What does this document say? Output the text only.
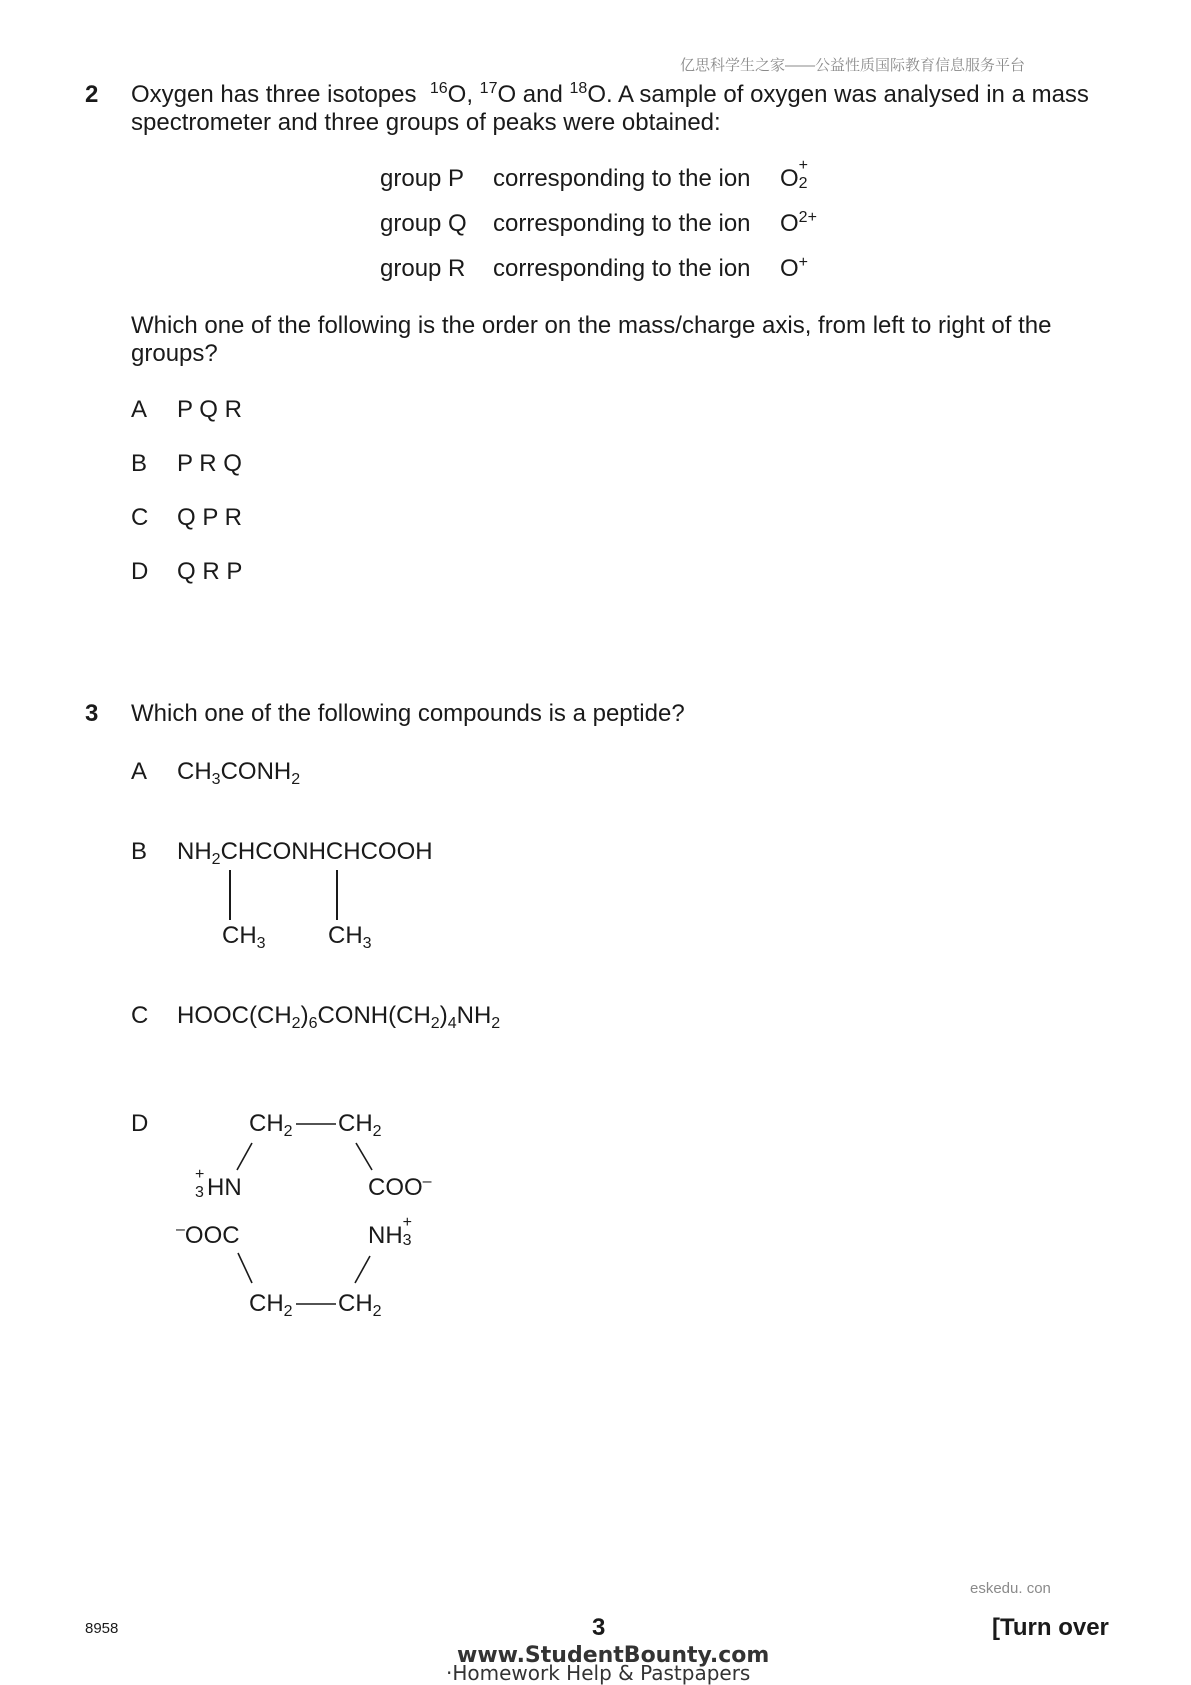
亿思科学生之家——公益性质国际教育信息服务平台
2 Oxygen has three isotopes $^{16}$O, $^{17}$O and $^{18}$O. A sample of oxygen was analysed in a mass
spectrometer and three groups of peaks were obtained:
group P corresponding to the ion O +
2
group Q corresponding to the ion $O^{2+}$
group R corresponding to the ion O+
Which one of the following is the order on the mass/charge axis, from left to right of the
groups?
A P Q R
B P R Q
C Q P R
D Q R P
3 Which one of the following compounds is a peptide?
A $CH_3CONH_2$
B $NH_2CHCONHCHCOOH$
$CH_3$	$CH_3$
C $HOOC(CH_2)_6CONH(CH_2)_4NH_2$
D	$CH_2$ $CH_2$
+
3 HN	COO–
–OOC	NH +
3
$CH_2$ $CH_2$
eskedu. con
8958	3	[Turn over
www.StudentBounty.com
·Homework Help & Pastpapers
